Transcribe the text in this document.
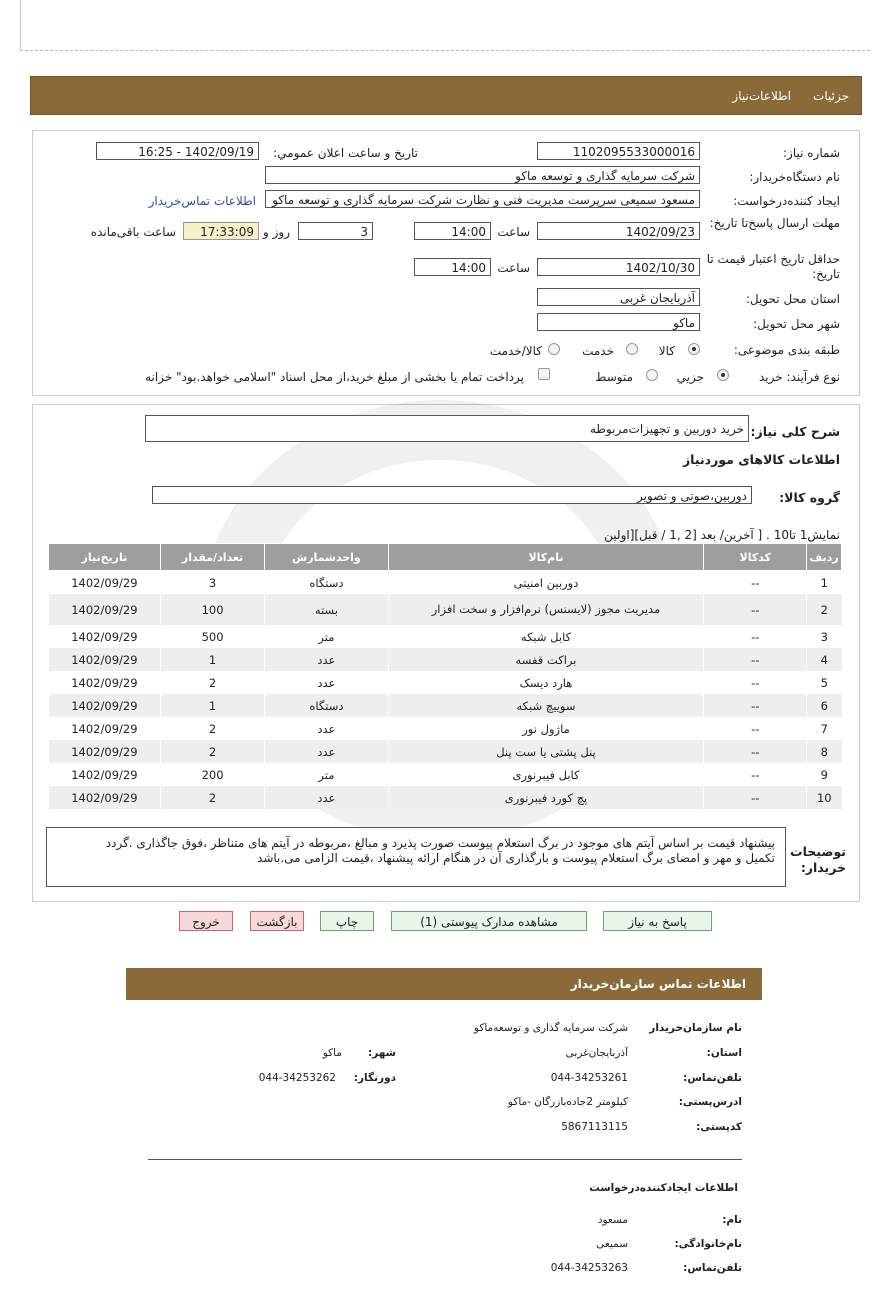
جزئیات
اطلاعات‌نیاز
شماره نیاز:
1102095533000016
تاریخ و ساعت اعلان عمومي:
1402/09/19 - 16:25
نام دستگاه‌خریدار:
شرکت سرمایه گذاری و توسعه ماکو
ایجاد کننده‌درخواست:
مسعود سمیعی سرپرست مدیریت فنی و نظارت شرکت سرمایه گذاری و توسعه ماکو
اطلاعات تماس‌خریدار
مهلت ارسال پاسخ‌تا تاریخ:
1402/09/23
ساعت
14:00
3
روز و
17:33:09
ساعت باقی‌مانده
حداقل تاریخ اعتبار قیمت تا تاریخ:
1402/10/30
ساعت
14:00
استان محل تحویل:
آذربایجان غربی
شهر محل تحویل:
ماکو
طبقه بندی موضوعی:
کالا
خدمت
کالا/خدمت
نوع فرآیند: خرید
جزيي
متوسط
پرداخت تمام یا بخشی از مبلغ خرید،از محل اسناد "اسلامی خواهد.بود" خزانه
شرح کلی نیاز:
خرید دوربین و تجهیزات‌مربوطه
اطلاعات کالاهای موردنیاز
گروه کالا:
دوربین،صوتی و تصویر
نمایش1 تا10 . [ آخرین/ بعد [2 ,1 / قبل][اولین
ردیف	کدکالا	نام‌کالا	واحدشمارش	تعداد/مقدار	تاریخ‌نیاز
1	--	دوربین امنیتی	دستگاه	3	1402/09/29
2	--	مدیریت مجوز (لایسنس) نرم‌افزار و سخت افزار	بسته	100	1402/09/29
3	--	کابل شبکه	متر	500	1402/09/29
4	--	براکت قفسه	عدد	1	1402/09/29
5	--	هارد دیسک	عدد	2	1402/09/29
6	--	سوییچ شبکه	دستگاه	1	1402/09/29
7	--	ماژول نور	عدد	2	1402/09/29
8	--	پنل پشتی یا ست پنل	عدد	2	1402/09/29
9	--	کابل فیبرنوری	متر	200	1402/09/29
10	--	پچ کورد فیبرنوری	عدد	2	1402/09/29
توضیحات خریدار:
پیشنهاد قیمت بر اساس آیتم های موجود در برگ استعلام پیوست صورت پذیرد و مبالغ ،مربوطه در آیتم های متناظر ،فوق جاگذاری .گردد
تکمیل و مهر و امضای برگ استعلام پیوست و بارگذاری آن در هنگام ارائه پیشنهاد ،قیمت الزامی می.باشد
پاسخ به نیاز
مشاهده مدارک پیوستی (1)
چاپ
بازگشت
خروج
اطلاعات تماس سازمان‌خریدار
نام سازمان‌خریدار
شرکت سرمایه گذاری و توسعه‌ماکو
استان:
آذربایجان‌غربی
شهر:
ماکو
تلفن‌تماس:
044-34253261
دورنگار:
044-34253262
ادرس‌پستی:
کیلومتر 2جاده‌بازرگان -ماکو
کدپستی:
5867113115
اطلاعات ایجادکننده‌درخواست
نام:
مسعود
نام‌خانوادگی:
سمیعی
تلفن‌تماس:
044-34253263
